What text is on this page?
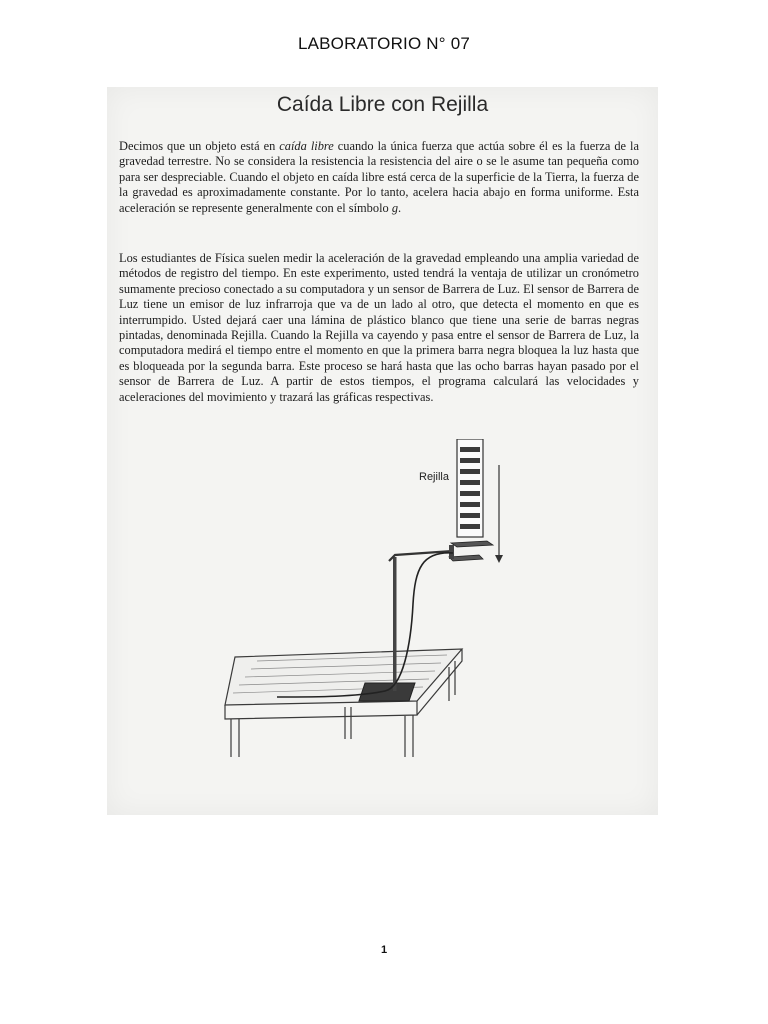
LABORATORIO N° 07
Caída Libre con Rejilla

Decimos que un objeto está en caída libre cuando la única fuerza que actúa sobre él es la fuerza de la gravedad terrestre. No se considera la resistencia la resistencia del aire o se le asume tan pequeña como para ser despreciable. Cuando el objeto en caída libre está cerca de la superficie de la Tierra, la fuerza de la gravedad es aproximadamente constante. Por lo tanto, acelera hacia abajo en forma uniforme. Esta aceleración se represente generalmente con el símbolo g.

Los estudiantes de Física suelen medir la aceleración de la gravedad empleando una amplia variedad de métodos de registro del tiempo. En este experimento, usted tendrá la ventaja de utilizar un cronómetro sumamente precioso conectado a su computadora y un sensor de Barrera de Luz. El sensor de Barrera de Luz tiene un emisor de luz infrarroja que va de un lado al otro, que detecta el momento en que es interrumpido. Usted dejará caer una lámina de plástico blanco que tiene una serie de barras negras pintadas, denominada Rejilla. Cuando la Rejilla va cayendo y pasa entre el sensor de Barrera de Luz, la computadora medirá el tiempo entre el momento en que la primera barra negra bloquea la luz hasta que es bloqueada por la segunda barra. Este proceso se hará hasta que las ocho barras hayan pasado por el sensor de Barrera de Luz. A partir de estos tiempos, el programa calculará las velocidades y aceleraciones del movimiento y trazará las gráficas respectivas.

Rejilla
1
